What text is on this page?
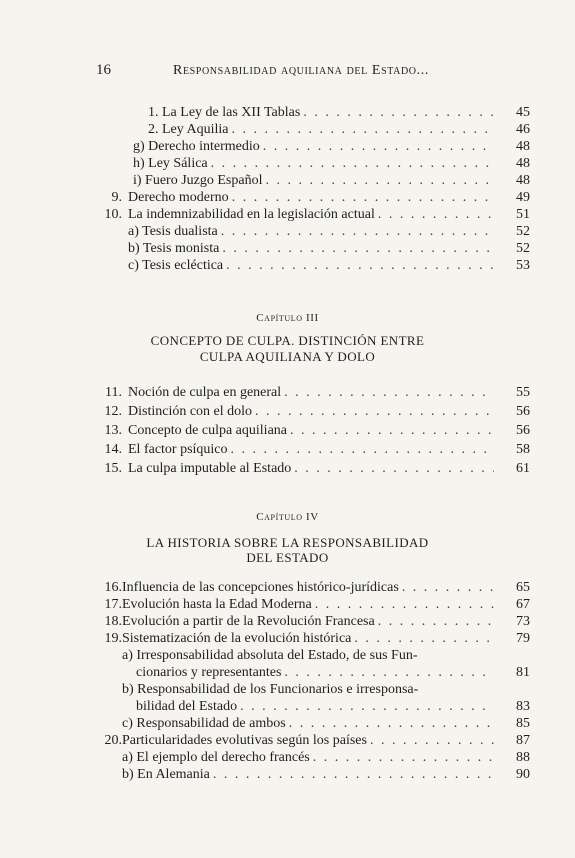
16	Responsabilidad aquiliana del Estado...
1. La Ley de las XII Tablas . . .	45
2. Ley Aquilia . . .	46
g) Derecho intermedio . . .	48
h) Ley Sálica . . .	48
i) Fuero Juzgo Español . . .	48
9. Derecho moderno . . .	49
10. La indemnizabilidad en la legislación actual . . .	51
a) Tesis dualista . . .	52
b) Tesis monista . . .	52
c) Tesis ecléctica . . .	53
Capítulo III
CONCEPTO DE CULPA. DISTINCIÓN ENTRE
CULPA AQUILIANA Y DOLO
11. Noción de culpa en general . . .	55
12. Distinción con el dolo . . .	56
13. Concepto de culpa aquiliana . . .	56
14. El factor psíquico . . .	58
15. La culpa imputable al Estado . . .	61
Capítulo IV
LA HISTORIA SOBRE LA RESPONSABILIDAD
DEL ESTADO
16. Influencia de las concepciones histórico-jurídicas . . .	65
17. Evolución hasta la Edad Moderna . . .	67
18. Evolución a partir de la Revolución Francesa . . .	73
19. Sistematización de la evolución histórica . . .	79
a) Irresponsabilidad absoluta del Estado, de sus Fun-
cionarios y representantes . . .	81
b) Responsabilidad de los Funcionarios e irresponsa-
bilidad del Estado . . .	83
c) Responsabilidad de ambos . . .	85
20. Particularidades evolutivas según los países . . .	87
a) El ejemplo del derecho francés . . .	88
b) En Alemania . . .	90
